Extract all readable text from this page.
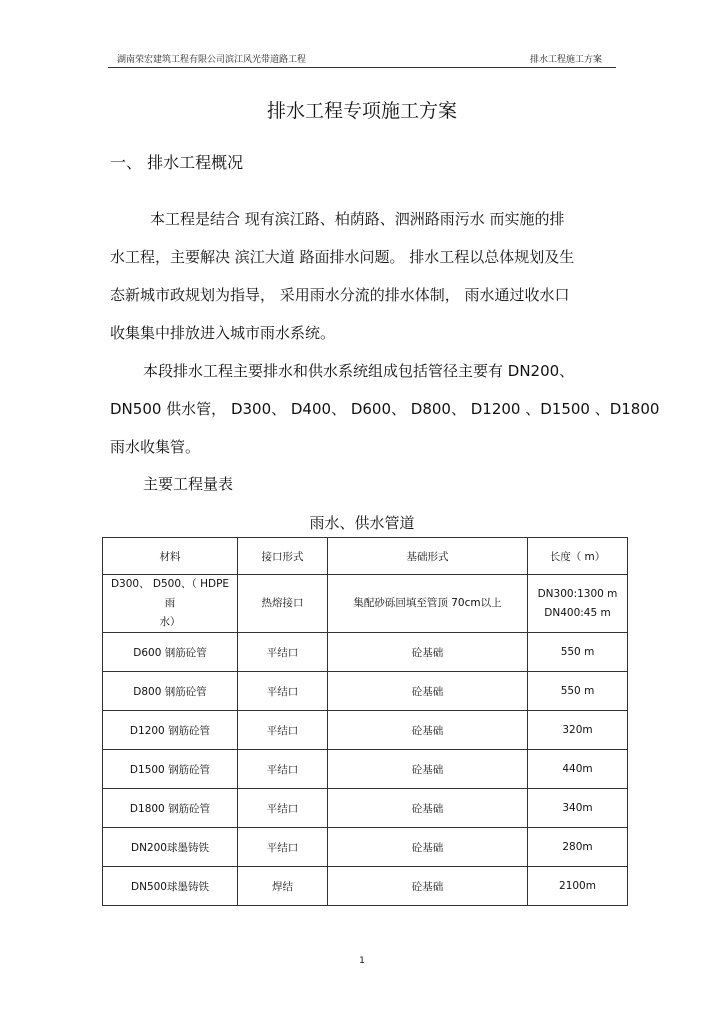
湖南荣宏建筑工程有限公司滨江风光带道路工程	排水工程施工方案
排水工程专项施工方案
一、 排水工程概况
本工程是结合 现有滨江路、柏荫路、泗洲路雨污水 而实施的排
水工程，主要解决 滨江大道 路面排水问题。 排水工程以总体规划及生
态新城市政规划为指导， 采用雨水分流的排水体制， 雨水通过收水口
收集集中排放进入城市雨水系统。
本段排水工程主要排水和供水系统组成包括管径主要有 DN200、
DN500 供水管， D300、 D400、 D600、 D800、 D1200 、D1500 、D1800
雨水收集管。
主要工程量表
雨水、供水管道
材料	接口形式	基础形式	长度（ m）
D300、 D500、（ HDPE雨
水）	热熔接口	集配砂砾回填至管顶 70cm以上	DN300:1300 m
DN400:45 m
D600 钢筋砼管	平结口	砼基础	550 m
D800 钢筋砼管	平结口	砼基础	550 m
D1200 钢筋砼管	平结口	砼基础	320m
D1500 钢筋砼管	平结口	砼基础	440m
D1800 钢筋砼管	平结口	砼基础	340m
DN200球墨铸铁	平结口	砼基础	280m
DN500球墨铸铁	焊结	砼基础	2100m
1
